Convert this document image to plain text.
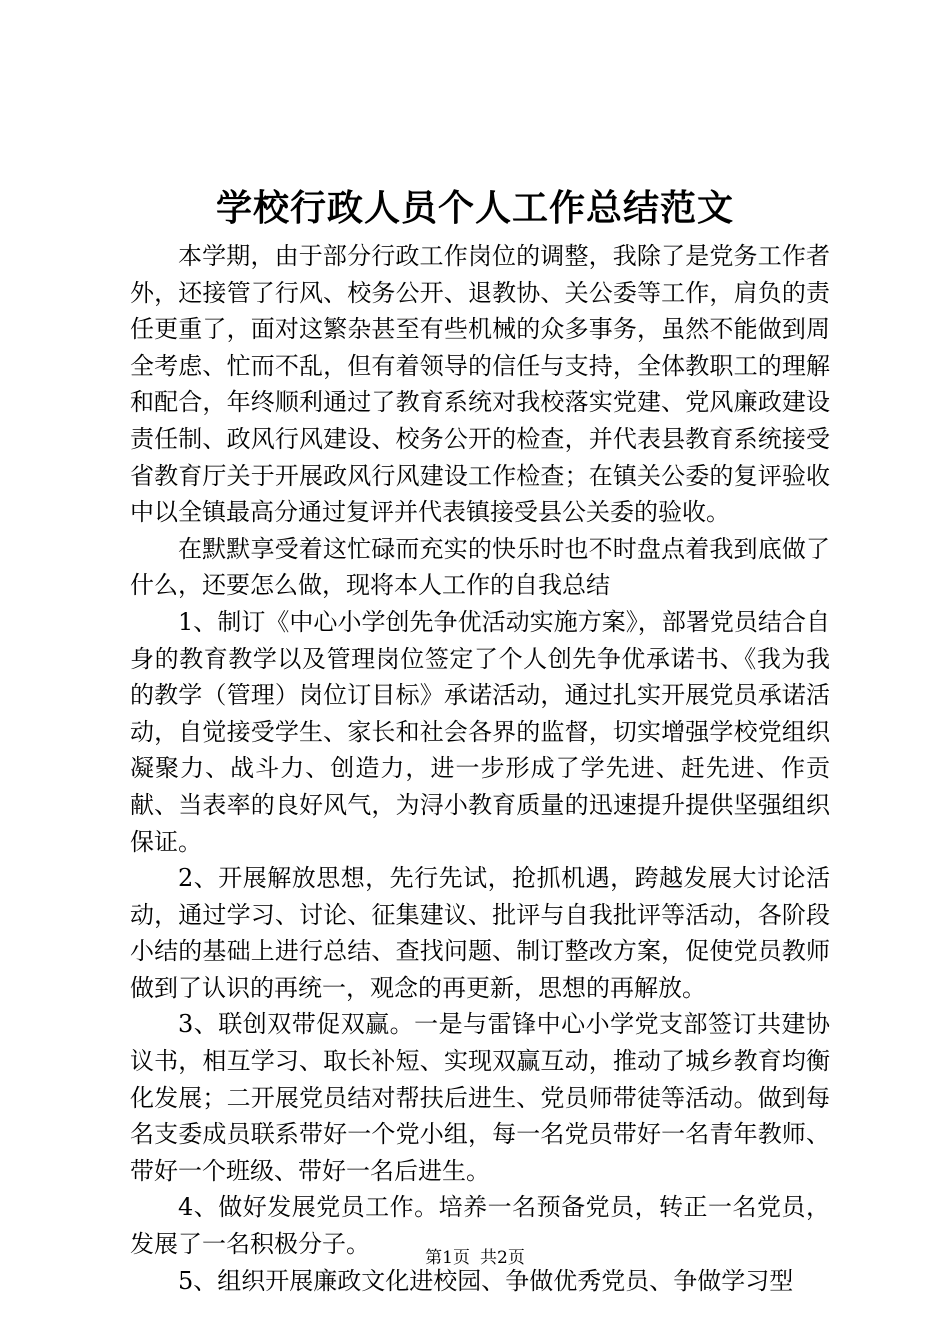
学校行政人员个人工作总结范文

本学期，由于部分行政工作岗位的调整，我除了是党务工作者外，还接管了行风、校务公开、退教协、关公委等工作，肩负的责任更重了，面对这繁杂甚至有些机械的众多事务，虽然不能做到周全考虑、忙而不乱，但有着领导的信任与支持，全体教职工的理解和配合，年终顺利通过了教育系统对我校落实党建、党风廉政建设责任制、政风行风建设、校务公开的检查，并代表县教育系统接受省教育厅关于开展政风行风建设工作检查；在镇关公委的复评验收中以全镇最高分通过复评并代表镇接受县公关委的验收。

在默默享受着这忙碌而充实的快乐时也不时盘点着我到底做了什么，还要怎么做，现将本人工作的自我总结

1、制订《中心小学创先争优活动实施方案》，部署党员结合自身的教育教学以及管理岗位签定了个人创先争优承诺书、《我为我的教学（管理）岗位订目标》承诺活动，通过扎实开展党员承诺活动，自觉接受学生、家长和社会各界的监督，切实增强学校党组织凝聚力、战斗力、创造力，进一步形成了学先进、赶先进、作贡献、当表率的良好风气，为浔小教育质量的迅速提升提供坚强组织保证。

2、开展解放思想，先行先试，抢抓机遇，跨越发展大讨论活动，通过学习、讨论、征集建议、批评与自我批评等活动，各阶段小结的基础上进行总结、查找问题、制订整改方案，促使党员教师做到了认识的再统一，观念的再更新，思想的再解放。

3、联创双带促双赢。一是与雷锋中心小学党支部签订共建协议书，相互学习、取长补短、实现双赢互动，推动了城乡教育均衡化发展；二开展党员结对帮扶后进生、党员师带徒等活动。做到每名支委成员联系带好一个党小组，每一名党员带好一名青年教师、带好一个班级、带好一名后进生。

4、做好发展党员工作。培养一名预备党员，转正一名党员，发展了一名积极分子。

5、组织开展廉政文化进校园、争做优秀党员、争做学习型

第1页 共2页
